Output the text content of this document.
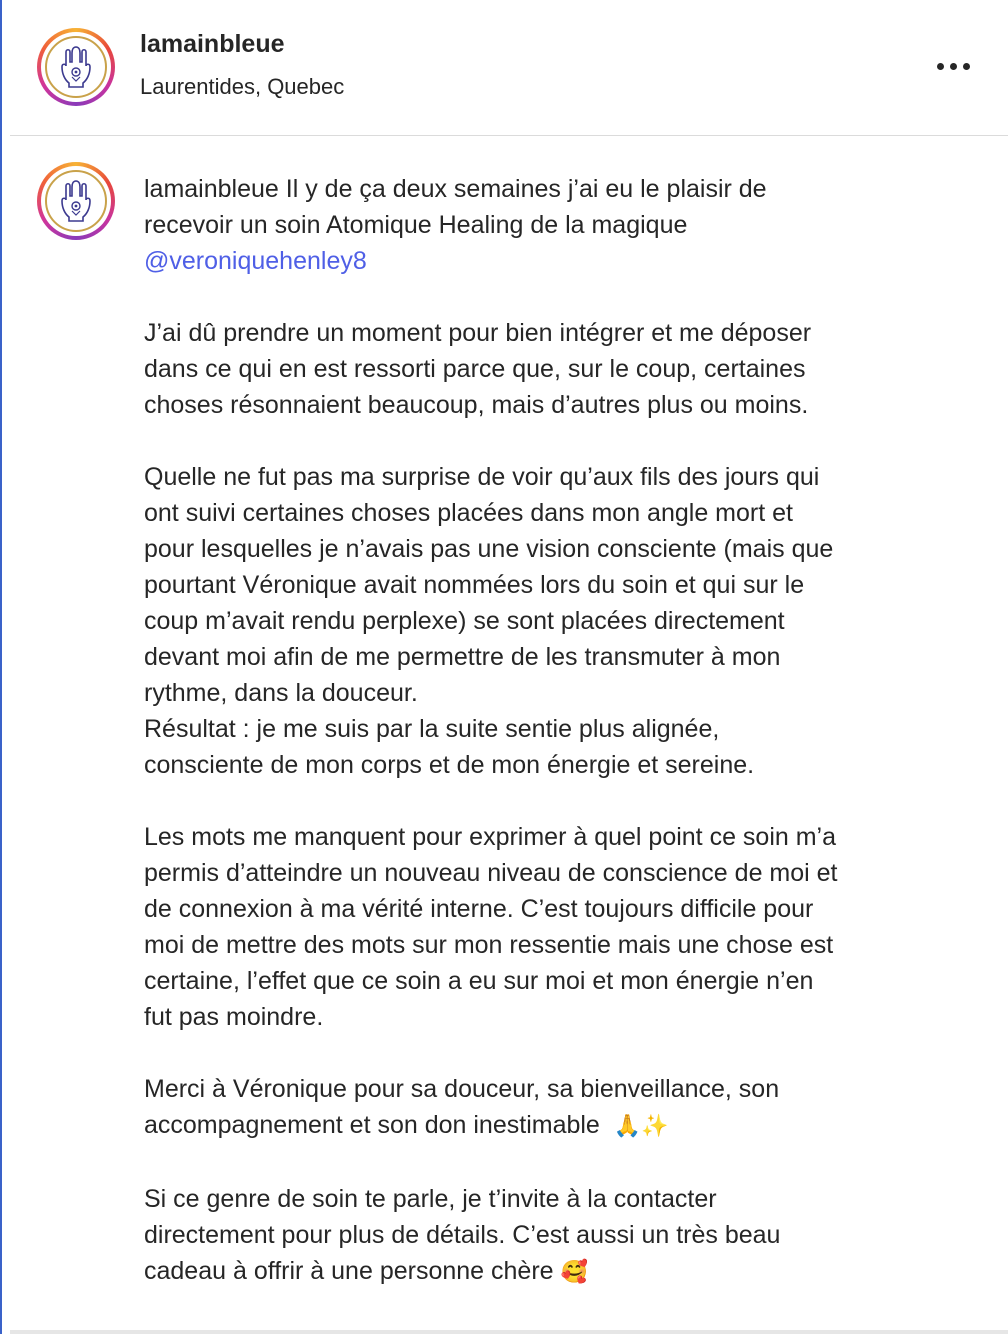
lamainbleue
Laurentides, Quebec
lamainbleue Il y de ça deux semaines j’ai eu le plaisir de
recevoir un soin Atomique Healing de la magique
@veroniquehenley8

J’ai dû prendre un moment pour bien intégrer et me déposer
dans ce qui en est ressorti parce que, sur le coup, certaines
choses résonnaient beaucoup, mais d’autres plus ou moins.

Quelle ne fut pas ma surprise de voir qu’aux fils des jours qui
ont suivi certaines choses placées dans mon angle mort et
pour lesquelles je n’avais pas une vision consciente (mais que
pourtant Véronique avait nommées lors du soin et qui sur le
coup m’avait rendu perplexe) se sont placées directement
devant moi afin de me permettre de les transmuter à mon
rythme, dans la douceur.
Résultat : je me suis par la suite sentie plus alignée,
consciente de mon corps et de mon énergie et sereine.

Les mots me manquent pour exprimer à quel point ce soin m’a
permis d’atteindre un nouveau niveau de conscience de moi et
de connexion à ma vérité interne. C’est toujours difficile pour
moi de mettre des mots sur mon ressentie mais une chose est
certaine, l’effet que ce soin a eu sur moi et mon énergie n’en
fut pas moindre.

Merci à Véronique pour sa douceur, sa bienveillance, son
accompagnement et son don inestimable  🙏✨

Si ce genre de soin te parle, je t’invite à la contacter
directement pour plus de détails. C’est aussi un très beau
cadeau à offrir à une personne chère 🥰
